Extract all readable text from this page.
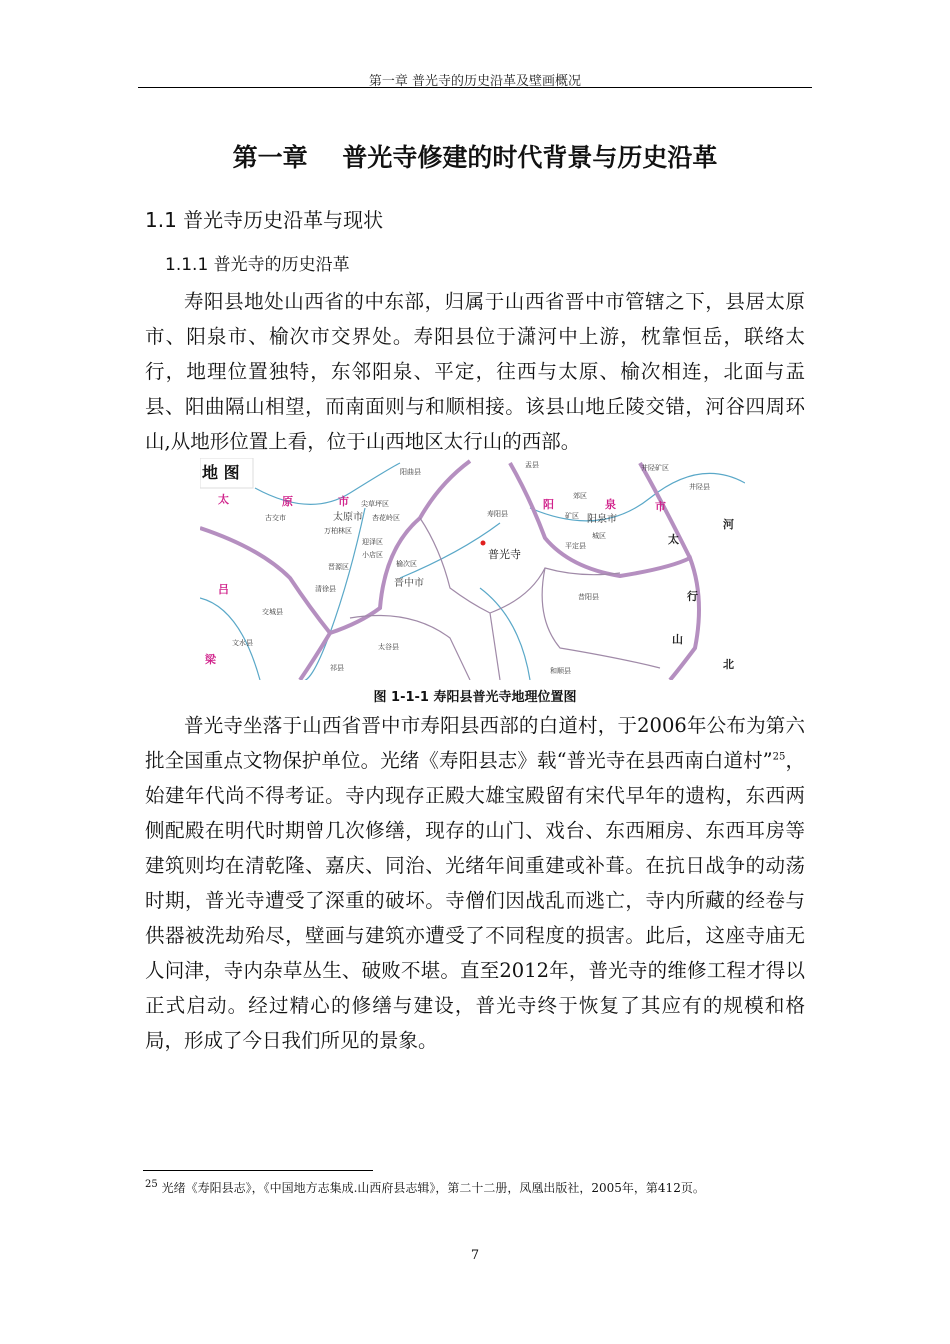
第一章 普光寺的历史沿革及壁画概况
第一章    普光寺修建的时代背景与历史沿革
1.1 普光寺历史沿革与现状
1.1.1 普光寺的历史沿革
寿阳县地处山西省的中东部，归属于山西省晋中市管辖之下，县居太原市、阳泉市、榆次市交界处。寿阳县位于潇河中上游，枕靠恒岳，联络太行，地理位置独特，东邻阳泉、平定，往西与太原、榆次相连，北面与盂县、阳曲隔山相望，而南面则与和顺相接。该县山地丘陵交错，河谷四周环山,从地形位置上看，位于山西地区太行山的西部。
太	原	市
吕
梁
阳	泉	市
河
太
行
山
北
古交市	太原市
尖草坪区
杏花岭区
万柏林区
迎泽区
小店区
晋源区
清徐县
交城县
文水县
祁县
太谷县
榆次区
晋中市
阳曲县
寿阳县
盂县
郊区
矿区 阳泉市
城区
平定县
井陉矿区
井陉县
昔阳县
和顺县
地 图
普光寺
图 1-1-1 寿阳县普光寺地理位置图
普光寺坐落于山西省晋中市寿阳县西部的白道村，于2006年公布为第六批全国重点文物保护单位。光绪《寿阳县志》载“普光寺在县西南白道村”$^{25}$，始建年代尚不得考证。寺内现存正殿大雄宝殿留有宋代早年的遗构，东西两侧配殿在明代时期曾几次修缮，现存的山门、戏台、东西厢房、东西耳房等建筑则均在清乾隆、嘉庆、同治、光绪年间重建或补葺。在抗日战争的动荡时期，普光寺遭受了深重的破坏。寺僧们因战乱而逃亡，寺内所藏的经卷与供器被洗劫殆尽，壁画与建筑亦遭受了不同程度的损害。此后，这座寺庙无人问津，寺内杂草丛生、破败不堪。直至2012年，普光寺的维修工程才得以正式启动。经过精心的修缮与建设，普光寺终于恢复了其应有的规模和格局，形成了今日我们所见的景象。
$^{25}$ 光绪《寿阳县志》，《中国地方志集成.山西府县志辑》，第二十二册，凤凰出版社，2005年，第412页。
7
